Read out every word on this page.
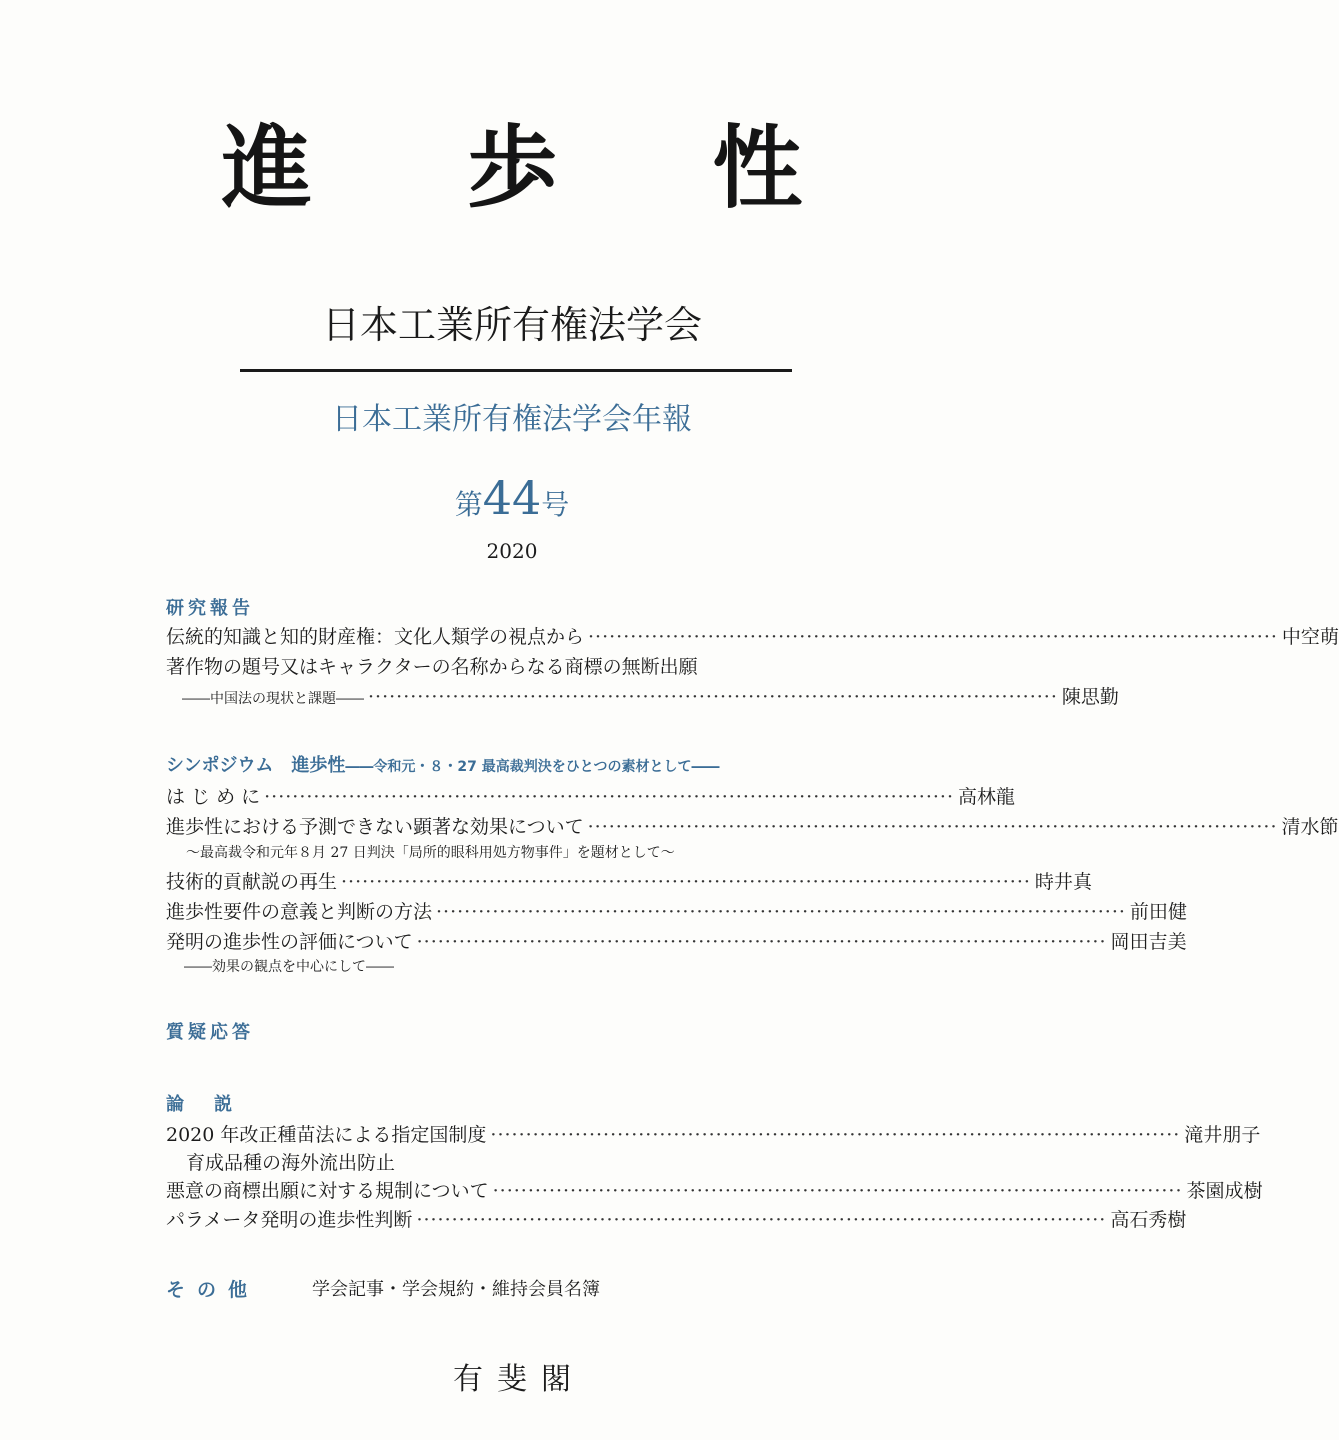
進 歩 性
日本工業所有権法学会
日本工業所有権法学会年報
第44号
2020
研究報告
伝統的知識と知的財産権：文化人類学の視点から ·································································································· 中 空 萌
著作物の題号又はキャラクターの名称からなる商標の無断出願
――中国法の現状と課題―― ·································································································· 陳 思 勤
シンポジウム　進歩性――令和元・８・27 最高裁判決をひとつの素材として――
は じ め に ·································································································· 高 林 龍
進歩性における予測できない顕著な効果について ·································································································· 清 水 節
～最高裁令和元年８月 27 日判決「局所的眼科用処方物事件」を題材として～
技術的貢献説の再生 ·································································································· 時 井 真
進歩性要件の意義と判断の方法 ·································································································· 前 田 健
発明の進歩性の評価について ·································································································· 岡 田 吉 美
――効果の観点を中心にして――
質疑応答
論　説
2020 年改正種苗法による指定国制度 ·································································································· 滝 井 朋 子
育成品種の海外流出防止
悪意の商標出願に対する規制について ·································································································· 茶 園 成 樹
パラメータ発明の進歩性判断 ·································································································· 高 石 秀 樹
その他	学会記事・学会規約・維持会員名簿
有斐閣
